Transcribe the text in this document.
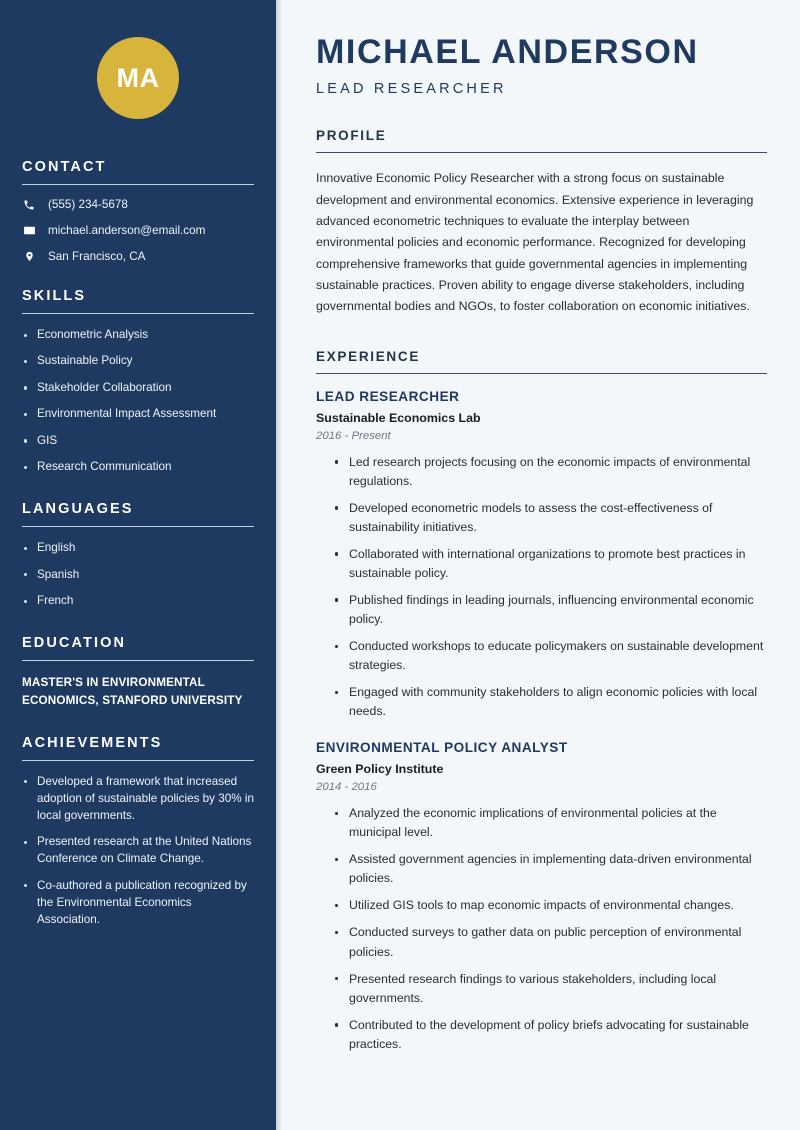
MA
CONTACT
(555) 234-5678
michael.anderson@email.com
San Francisco, CA
SKILLS
Econometric Analysis
Sustainable Policy
Stakeholder Collaboration
Environmental Impact Assessment
GIS
Research Communication
LANGUAGES
English
Spanish
French
EDUCATION
MASTER'S IN ENVIRONMENTAL ECONOMICS, STANFORD UNIVERSITY
ACHIEVEMENTS
Developed a framework that increased adoption of sustainable policies by 30% in local governments.
Presented research at the United Nations Conference on Climate Change.
Co-authored a publication recognized by the Environmental Economics Association.
MICHAEL ANDERSON
LEAD RESEARCHER
PROFILE

Innovative Economic Policy Researcher with a strong focus on sustainable development and environmental economics. Extensive experience in leveraging advanced econometric techniques to evaluate the interplay between environmental policies and economic performance. Recognized for developing comprehensive frameworks that guide governmental agencies in implementing sustainable practices. Proven ability to engage diverse stakeholders, including governmental bodies and NGOs, to foster collaboration on economic initiatives.

EXPERIENCE
LEAD RESEARCHER
Sustainable Economics Lab
2016 - Present
Led research projects focusing on the economic impacts of environmental regulations.
Developed econometric models to assess the cost-effectiveness of sustainability initiatives.
Collaborated with international organizations to promote best practices in sustainable policy.
Published findings in leading journals, influencing environmental economic policy.
Conducted workshops to educate policymakers on sustainable development strategies.
Engaged with community stakeholders to align economic policies with local needs.
ENVIRONMENTAL POLICY ANALYST
Green Policy Institute
2014 - 2016
Analyzed the economic implications of environmental policies at the municipal level.
Assisted government agencies in implementing data-driven environmental policies.
Utilized GIS tools to map economic impacts of environmental changes.
Conducted surveys to gather data on public perception of environmental policies.
Presented research findings to various stakeholders, including local governments.
Contributed to the development of policy briefs advocating for sustainable practices.
